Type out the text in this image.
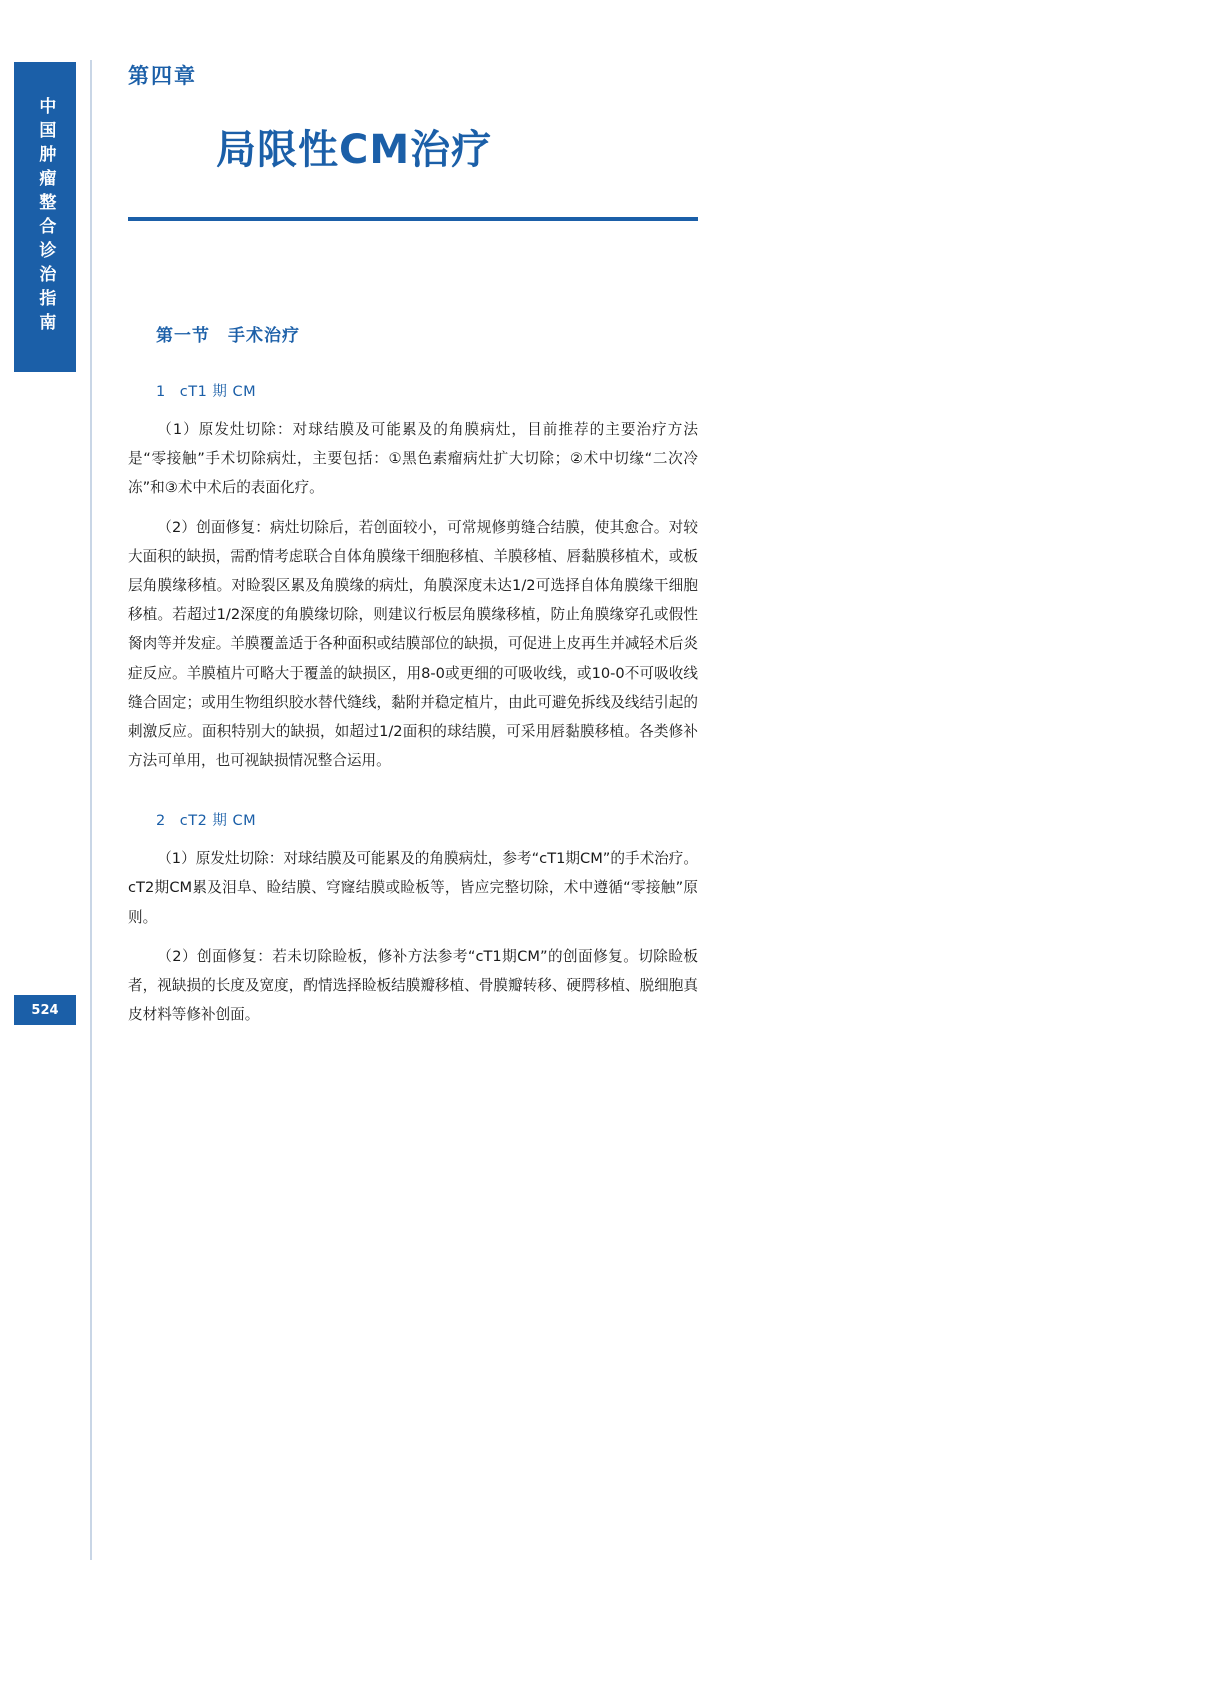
中国肿瘤整合诊治指南
524
第四章
局限性CM治疗
第一节 手术治疗
1 cT1 期 CM

（1）原发灶切除：对球结膜及可能累及的角膜病灶，目前推荐的主要治疗方法是“零接触”手术切除病灶，主要包括：①黑色素瘤病灶扩大切除；②术中切缘“二次冷冻”和③术中术后的表面化疗。

（2）创面修复：病灶切除后，若创面较小，可常规修剪缝合结膜，使其愈合。对较大面积的缺损，需酌情考虑联合自体角膜缘干细胞移植、羊膜移植、唇黏膜移植术，或板层角膜缘移植。对睑裂区累及角膜缘的病灶，角膜深度未达1/2可选择自体角膜缘干细胞移植。若超过1/2深度的角膜缘切除，则建议行板层角膜缘移植，防止角膜缘穿孔或假性胬肉等并发症。羊膜覆盖适于各种面积或结膜部位的缺损，可促进上皮再生并减轻术后炎症反应。羊膜植片可略大于覆盖的缺损区，用8-0或更细的可吸收线，或10-0不可吸收线缝合固定；或用生物组织胶水替代缝线，黏附并稳定植片，由此可避免拆线及线结引起的刺激反应。面积特别大的缺损，如超过1/2面积的球结膜，可采用唇黏膜移植。各类修补方法可单用，也可视缺损情况整合运用。

2 cT2 期 CM

（1）原发灶切除：对球结膜及可能累及的角膜病灶，参考“cT1期CM”的手术治疗。cT2期CM累及泪阜、睑结膜、穹窿结膜或睑板等，皆应完整切除，术中遵循“零接触”原则。

（2）创面修复：若未切除睑板，修补方法参考“cT1期CM”的创面修复。切除睑板者，视缺损的长度及宽度，酌情选择睑板结膜瓣移植、骨膜瓣转移、硬腭移植、脱细胞真皮材料等修补创面。
